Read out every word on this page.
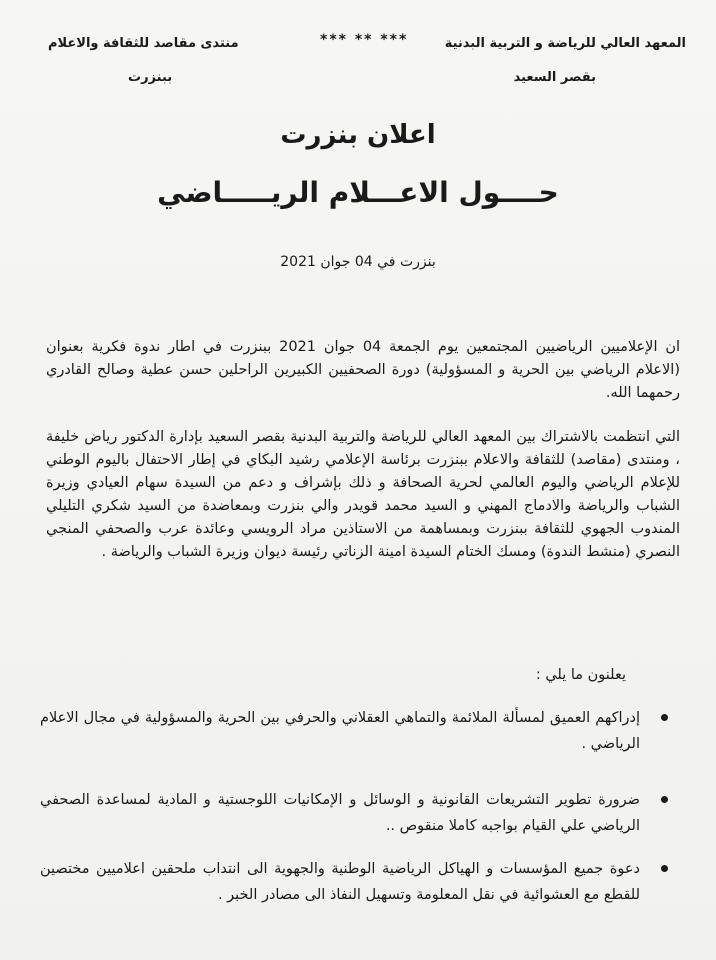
المعهد العالي للرياضة و التربية البدنية
بقصر السعيد
منتدى مقاصد للثقافة والاعلام
ببنزرت
*** ** ***
اعلان بنزرت
حــــول الاعـــلام الريـــــاضي
بنزرت في 04 جوان 2021
ان الإعلاميين الرياضيين المجتمعين يوم الجمعة 04 جوان 2021 ببنزرت في اطار ندوة فكرية بعنوان (الاعلام الرياضي بين الحرية و المسؤولية) دورة الصحفيين الكبيرين الراحلين حسن عطية وصالح القادري رحمهما الله.
التي انتظمت بالاشتراك بين المعهد العالي للرياضة والتربية البدنية بقصر السعيد بإدارة الدكتور رياض خليفة ، ومنتدى (مقاصد) للثقافة والاعلام ببنزرت برئاسة الإعلامي رشيد البكاي في إطار الاحتفال باليوم الوطني للإعلام الرياضي واليوم العالمي لحرية الصحافة و ذلك بإشراف و دعم من السيدة سهام العيادي وزيرة الشباب والرياضة والادماج المهني و السيد محمد قويدر والي بنزرت وبمعاضدة من السيد شكري التليلي المندوب الجهوي للثقافة ببنزرت وبمساهمة من الاستاذين مراد الرويسي وعائدة عرب والصحفي المنجي النصري (منشط الندوة) ومسك الختام السيدة امينة الزناتي رئيسة ديوان وزيرة الشباب والرياضة .
يعلنون ما يلي :
إدراكهم العميق لمسألة الملائمة والتماهي العقلاني والحرفي بين الحرية والمسؤولية في مجال الاعلام الرياضي .
ضرورة تطوير التشريعات القانونية و الوسائل و الإمكانيات اللوجستية و المادية لمساعدة الصحفي الرياضي علي القيام بواجبه كاملا منقوص ..
دعوة جميع المؤسسات و الهياكل الرياضية الوطنية والجهوية الى انتداب ملحقين اعلاميين مختصين للقطع مع العشوائية في نقل المعلومة وتسهيل النفاذ الى مصادر الخبر .
